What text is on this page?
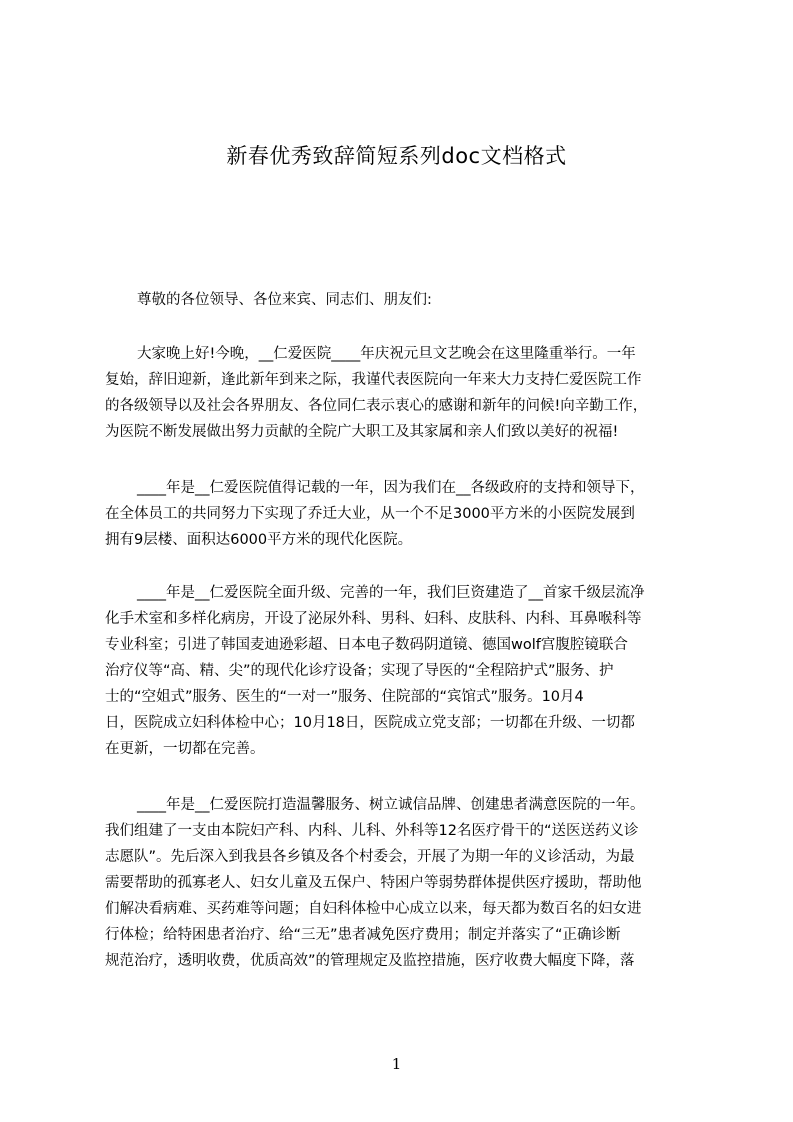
新春优秀致辞简短系列doc文档格式
尊敬的各位领导、各位来宾、同志们、朋友们:
大家晚上好!今晚，__仁爱医院____年庆祝元旦文艺晚会在这里隆重举行。一年
复始，辞旧迎新，逢此新年到来之际，我谨代表医院向一年来大力支持仁爱医院工作
的各级领导以及社会各界朋友、各位同仁表示衷心的感谢和新年的问候!向辛勤工作，
为医院不断发展做出努力贡献的全院广大职工及其家属和亲人们致以美好的祝福!
____年是__仁爱医院值得记载的一年，因为我们在__各级政府的支持和领导下，
在全体员工的共同努力下实现了乔迁大业，从一个不足3000平方米的小医院发展到
拥有9层楼、面积达6000平方米的现代化医院。
____年是__仁爱医院全面升级、完善的一年，我们巨资建造了__首家千级层流净
化手术室和多样化病房，开设了泌尿外科、男科、妇科、皮肤科、内科、耳鼻喉科等
专业科室；引进了韩国麦迪逊彩超、日本电子数码阴道镜、德国wolf宫腹腔镜联合
治疗仪等“高、精、尖”的现代化诊疗设备；实现了导医的“全程陪护式”服务、护
士的“空姐式”服务、医生的“一对一”服务、住院部的“宾馆式”服务。10月4
日，医院成立妇科体检中心；10月18日，医院成立党支部；一切都在升级、一切都
在更新，一切都在完善。
____年是__仁爱医院打造温馨服务、树立诚信品牌、创建患者满意医院的一年。
我们组建了一支由本院妇产科、内科、儿科、外科等12名医疗骨干的“送医送药义诊
志愿队”。先后深入到我县各乡镇及各个村委会，开展了为期一年的义诊活动，为最
需要帮助的孤寡老人、妇女儿童及五保户、特困户等弱势群体提供医疗援助，帮助他
们解决看病难、买药难等问题；自妇科体检中心成立以来，每天都为数百名的妇女进
行体检；给特困患者治疗、给“三无”患者减免医疗费用；制定并落实了“正确诊断
规范治疗，透明收费，优质高效”的管理规定及监控措施，医疗收费大幅度下降，落
1
